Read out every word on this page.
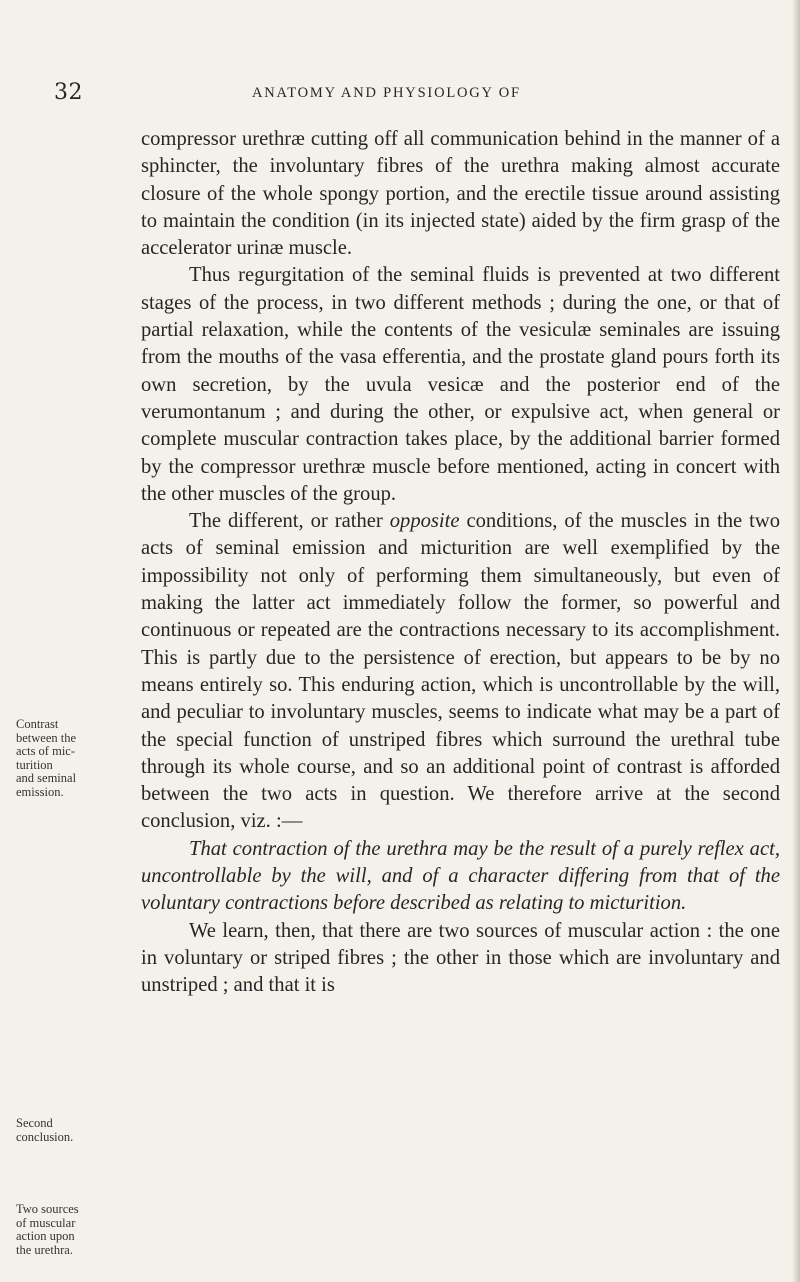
32	ANATOMY AND PHYSIOLOGY OF

compressor urethræ cutting off all communication behind in the manner of a sphincter, the involuntary fibres of the urethra making almost accurate closure of the whole spongy portion, and the erectile tissue around assisting to maintain the condition (in its injected state) aided by the firm grasp of the accelerator urinæ muscle.

Thus regurgitation of the seminal fluids is prevented at two different stages of the process, in two different methods ; during the one, or that of partial relaxation, while the contents of the vesiculæ seminales are issuing from the mouths of the vasa efferentia, and the prostate gland pours forth its own secretion, by the uvula vesicæ and the posterior end of the verumontanum ; and during the other, or expulsive act, when general or complete muscular contraction takes place, by the additional barrier formed by the compressor urethræ muscle before mentioned, acting in concert with the other muscles of the group.

The different, or rather opposite conditions, of the muscles in the two acts of seminal emission and micturition are well exemplified by the impossibility not only of performing them simultaneously, but even of making the latter act immediately follow the former, so powerful and continuous or repeated are the contractions necessary to its accomplishment. This is partly due to the persistence of erection, but appears to be by no means entirely so. This enduring action, which is uncontrollable by the will, and peculiar to involuntary muscles, seems to indicate what may be a part of the special function of unstriped fibres which surround the urethral tube through its whole course, and so an additional point of contrast is afforded between the two acts in question. We therefore arrive at the second conclusion, viz. :—

That contraction of the urethra may be the result of a purely reflex act, uncontrollable by the will, and of a character differing from that of the voluntary contractions before described as relating to micturition.

We learn, then, that there are two sources of muscular action : the one in voluntary or striped fibres ; the other in those which are involuntary and unstriped ; and that it is

Contrast
between the
acts of mic-
turition
and seminal
emission.
Second
conclusion.
Two sources
of muscular
action upon
the urethra.
